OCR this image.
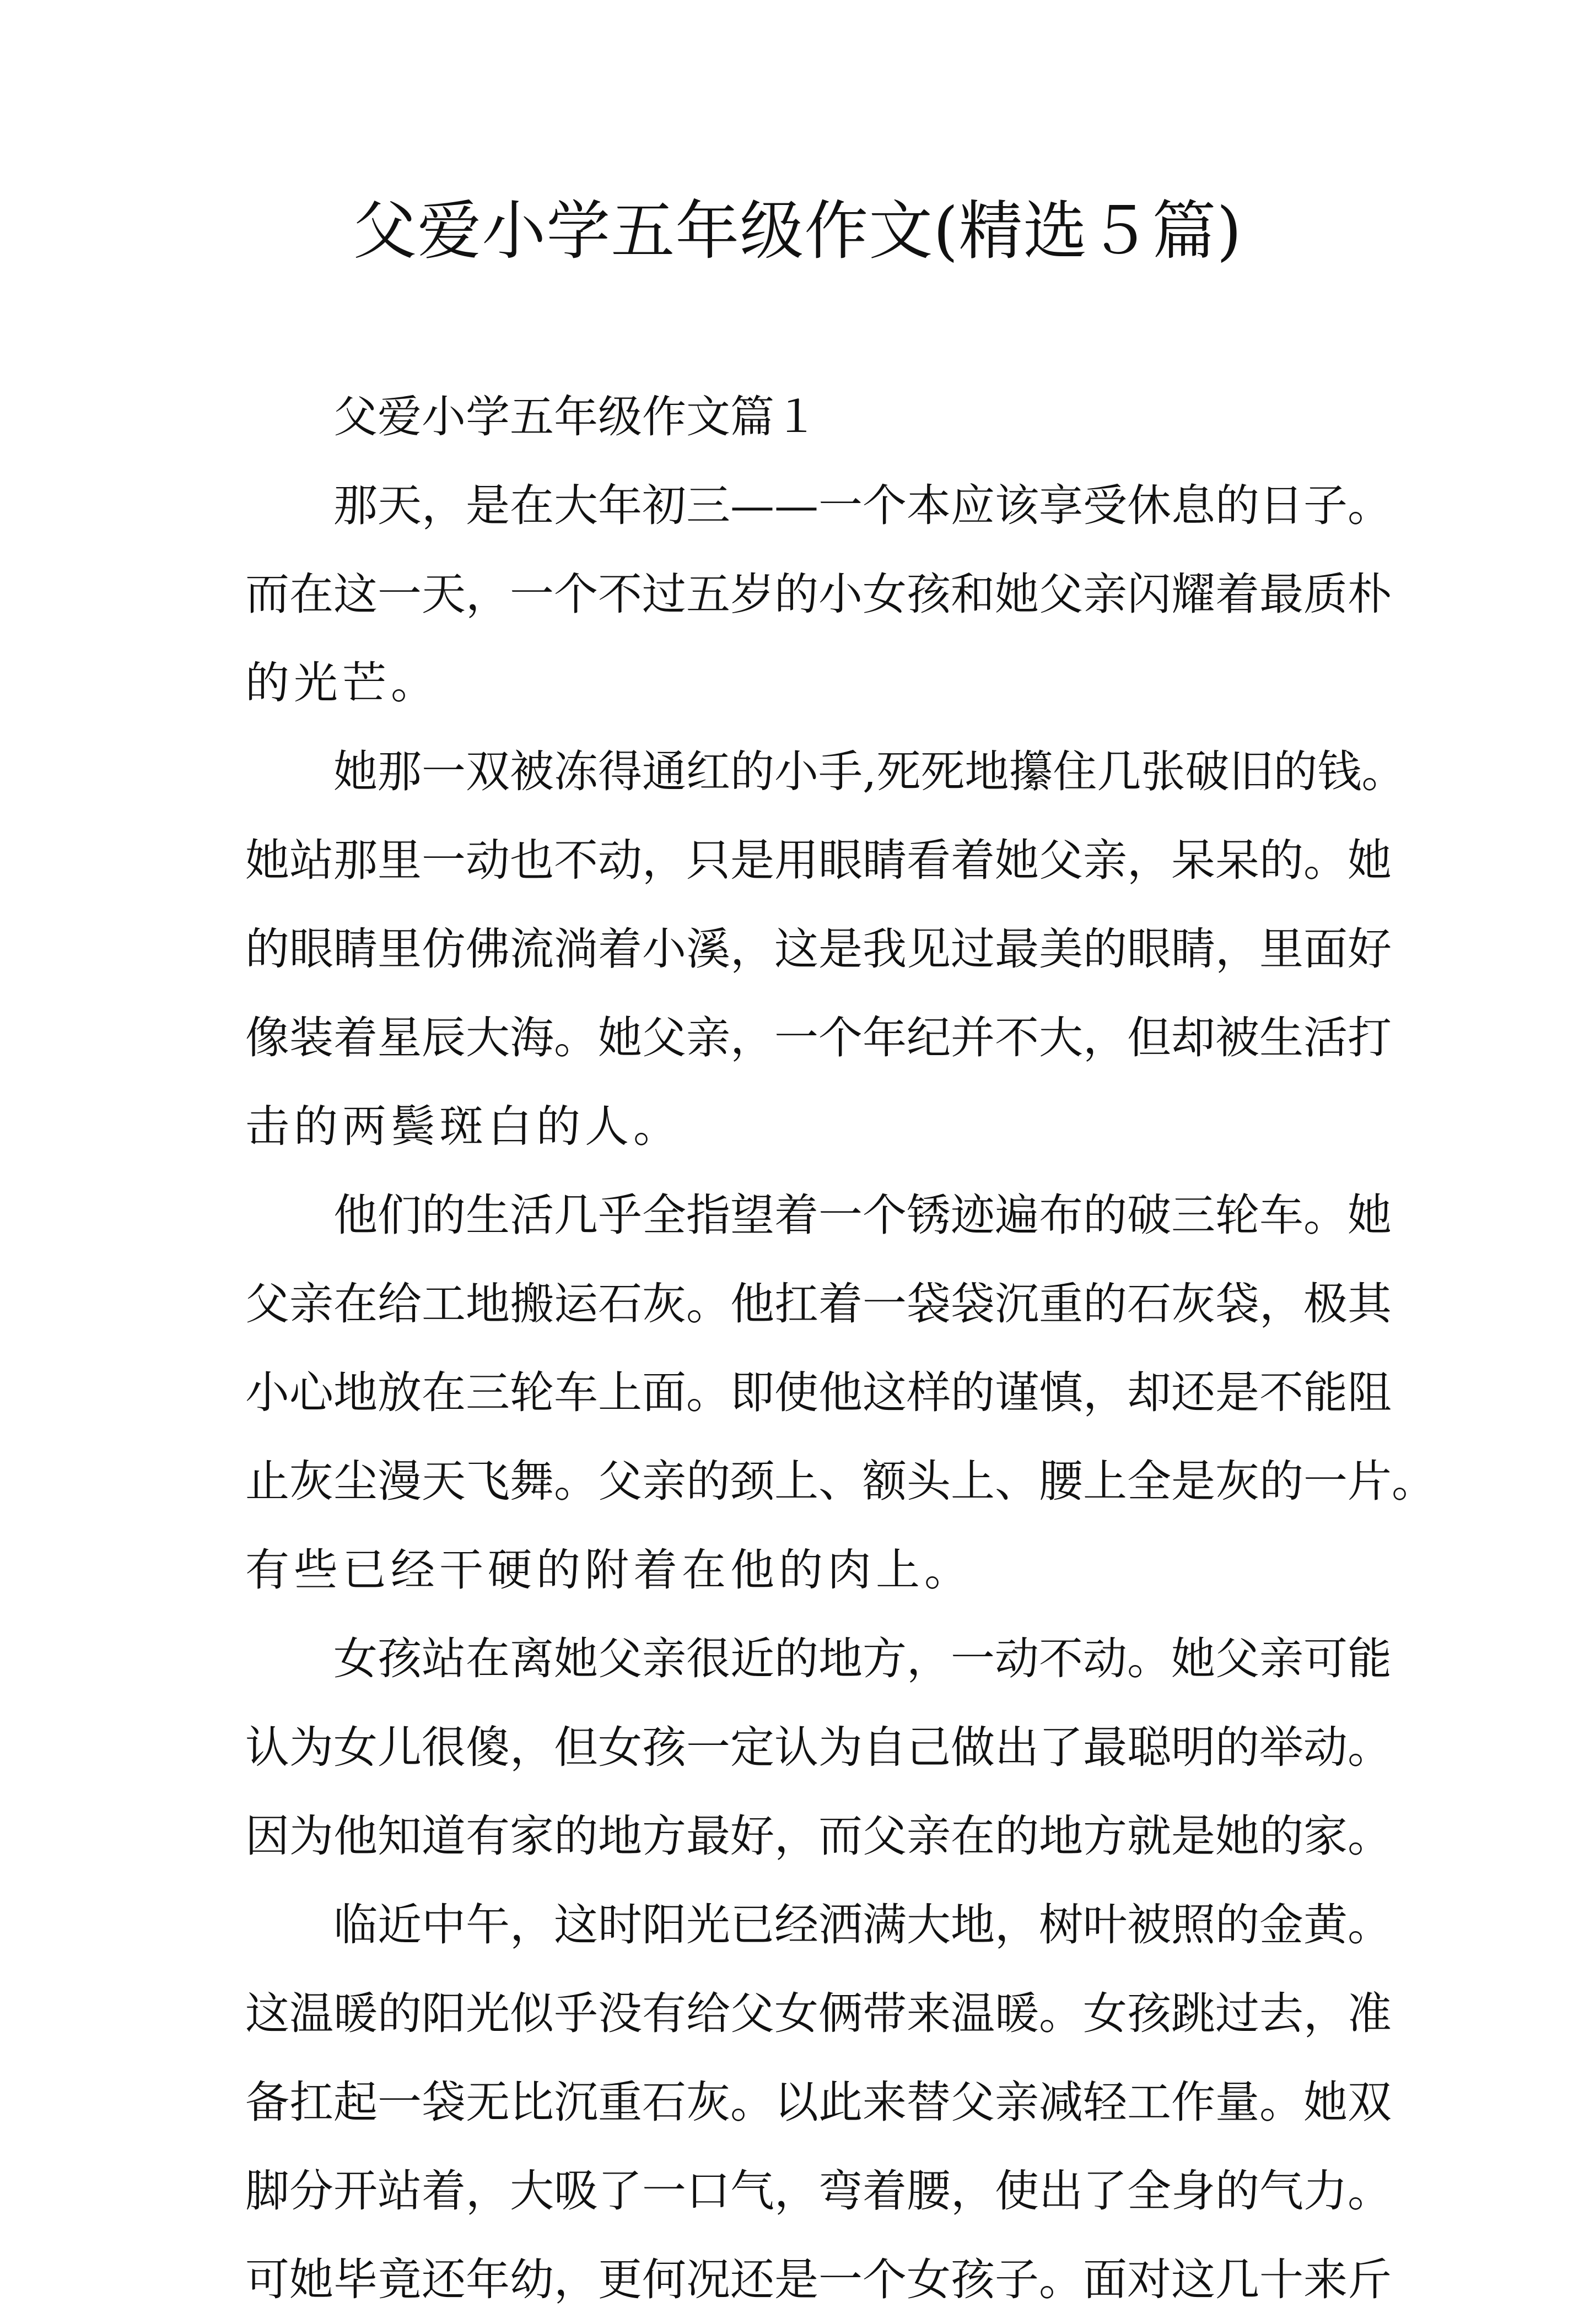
父爱小学五年级作文(精选５篇)
父爱小学五年级作文篇１
那天，是在大年初三——一个本应该享受休息的日子。
而在这一天，一个不过五岁的小女孩和她父亲闪耀着最质朴
的光芒。
她那一双被冻得通红的小手,死死地攥住几张破旧的钱。
她站那里一动也不动，只是用眼睛看着她父亲，呆呆的。她
的眼睛里仿佛流淌着小溪，这是我见过最美的眼睛，里面好
像装着星辰大海。她父亲，一个年纪并不大，但却被生活打
击的两鬓斑白的人。
他们的生活几乎全指望着一个锈迹遍布的破三轮车。她
父亲在给工地搬运石灰。他扛着一袋袋沉重的石灰袋，极其
小心地放在三轮车上面。即使他这样的谨慎，却还是不能阻
止灰尘漫天飞舞。父亲的颈上、额头上、腰上全是灰的一片。
有些已经干硬的附着在他的肉上。
女孩站在离她父亲很近的地方，一动不动。她父亲可能
认为女儿很傻，但女孩一定认为自己做出了最聪明的举动。
因为他知道有家的地方最好，而父亲在的地方就是她的家。
临近中午，这时阳光已经洒满大地，树叶被照的金黄。
这温暖的阳光似乎没有给父女俩带来温暖。女孩跳过去，准
备扛起一袋无比沉重石灰。以此来替父亲减轻工作量。她双
脚分开站着，大吸了一口气，弯着腰，使出了全身的气力。
可她毕竟还年幼，更何况还是一个女孩子。面对这几十来斤
